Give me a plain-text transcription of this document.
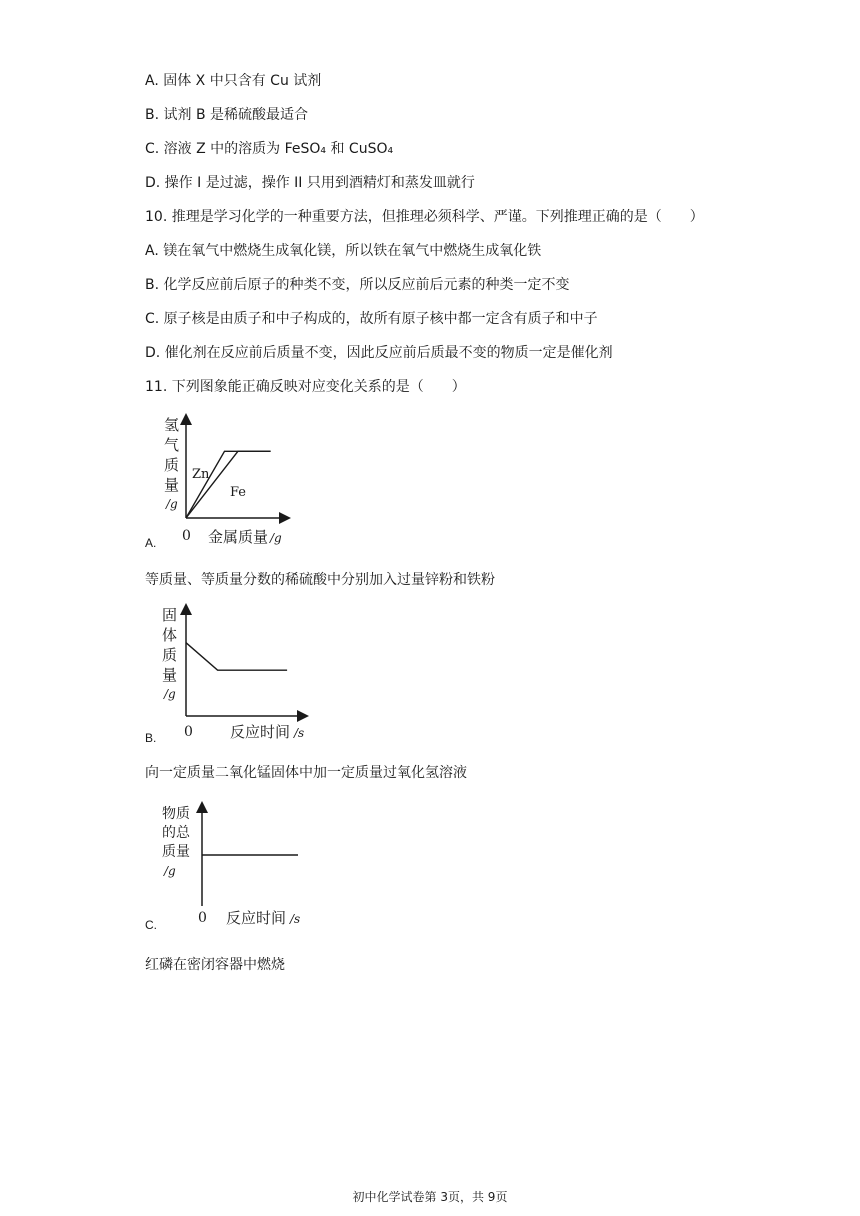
A. 固体 X 中只含有 Cu 试剂
B. 试剂 B 是稀硫酸最适合
C. 溶液 Z 中的溶质为 FeSO₄ 和 CuSO₄
D. 操作 I 是过滤，操作 II 只用到酒精灯和蒸发皿就行
10. 推理是学习化学的一种重要方法，但推理必须科学、严谨。下列推理正确的是（　　）
A. 镁在氧气中燃烧生成氧化镁，所以铁在氧气中燃烧生成氧化铁
B. 化学反应前后原子的种类不变，所以反应前后元素的种类一定不变
C. 原子核是由质子和中子构成的，故所有原子核中都一定含有质子和中子
D. 催化剂在反应前后质量不变，因此反应前后质最不变的物质一定是催化剂
11. 下列图象能正确反映对应变化关系的是（　　）
氢
气
质
量
/g
Zn
Fe
0 金属质量 /g
A.
等质量、等质量分数的稀硫酸中分别加入过量锌粉和铁粉
固
体
质
量
/g
0 反应时间 /s
B.
向一定质量二氧化锰固体中加一定质量过氧化氢溶液
物质
的总
质量
/g
0 反应时间 /s
C.
红磷在密闭容器中燃烧
初中化学试卷第 3页，共 9页
